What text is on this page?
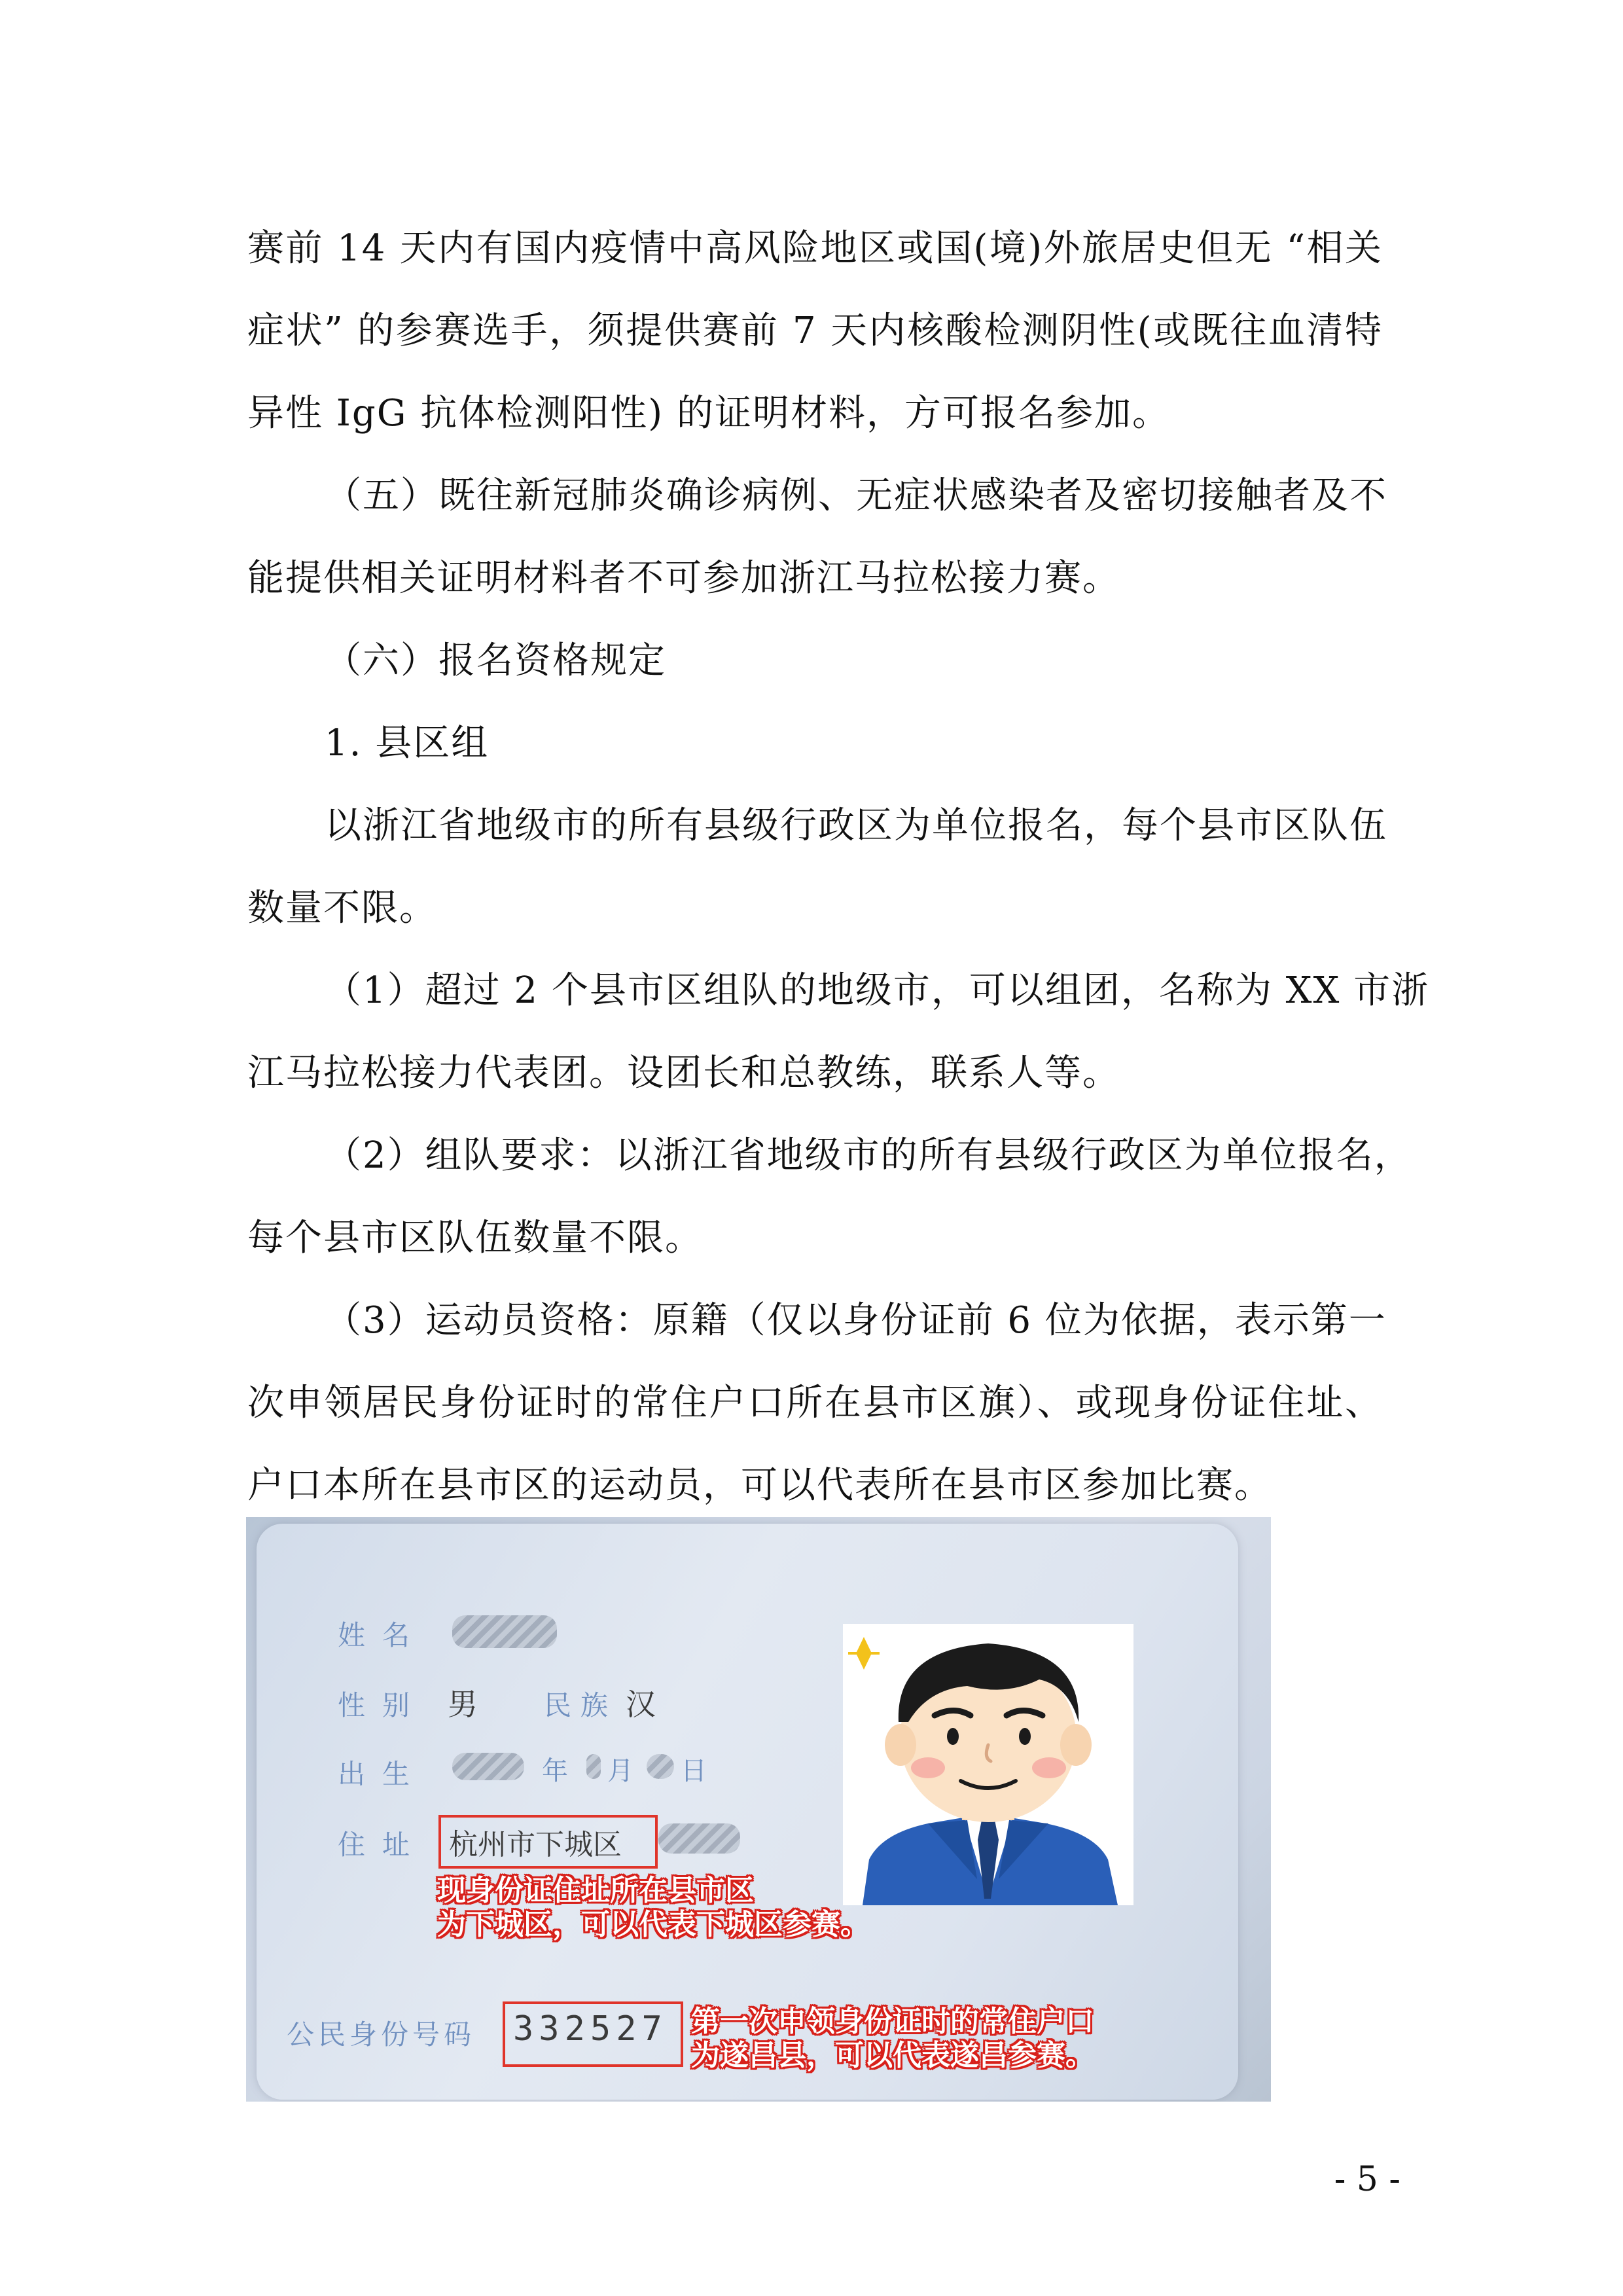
赛前 14 天内有国内疫情中高风险地区或国(境)外旅居史但无 “相关
症状” 的参赛选手，须提供赛前 7 天内核酸检测阴性(或既往血清特
异性 IgG 抗体检测阳性) 的证明材料，方可报名参加。
（五）既往新冠肺炎确诊病例、无症状感染者及密切接触者及不
能提供相关证明材料者不可参加浙江马拉松接力赛。
（六）报名资格规定
1. 县区组
以浙江省地级市的所有县级行政区为单位报名，每个县市区队伍
数量不限。
（1）超过 2 个县市区组队的地级市，可以组团，名称为 XX 市浙
江马拉松接力代表团。设团长和总教练，联系人等。
（2）组队要求：以浙江省地级市的所有县级行政区为单位报名，
每个县市区队伍数量不限。
（3）运动员资格：原籍（仅以身份证前 6 位为依据，表示第一
次申领居民身份证时的常住户口所在县市区旗）、或现身份证住址、
户口本所在县市区的运动员，可以代表所在县市区参加比赛。
姓名
性别 男 民族 汉
出生	年 月 日
住址 杭州市下城区
现身份证住址所在县市区
为下城区，可以代表下城区参赛。
公民身份号码 332527 第一次申领身份证时的常住户口
为遂昌县，可以代表遂昌参赛。
- 5 -
